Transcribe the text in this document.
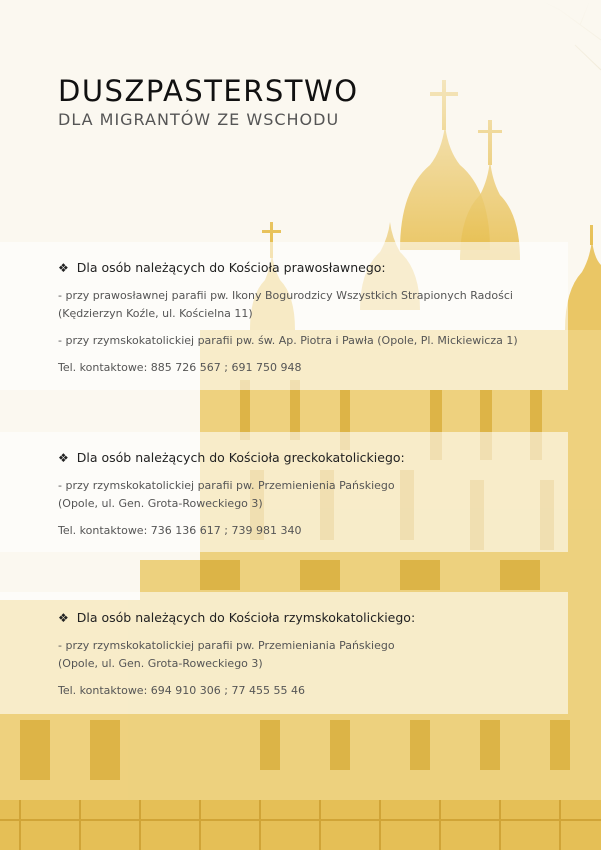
DUSZPASTERSTWO
DLA MIGRANTÓW ZE WSCHODU
❖ Dla osób należących do Kościoła prawosławnego:
- przy prawosławnej parafii pw. Ikony Bogurodzicy Wszystkich Strapionych Radości
(Kędzierzyn Koźle, ul. Kościelna 11)
- przy rzymskokatolickiej parafii pw. św. Ap. Piotra i Pawła (Opole, Pl. Mickiewicza 1)
Tel. kontaktowe: 885 726 567 ; 691 750 948
❖ Dla osób należących do Kościoła greckokatolickiego:
- przy rzymskokatolickiej parafii pw. Przemienienia Pańskiego
(Opole, ul. Gen. Grota-Roweckiego 3)
Tel. kontaktowe: 736 136 617 ; 739 981 340
❖ Dla osób należących do Kościoła rzymskokatolickiego:
- przy rzymskokatolickiej parafii pw. Przemieniania Pańskiego
(Opole, ul. Gen. Grota-Roweckiego 3)
Tel. kontaktowe: 694 910 306 ; 77 455 55 46
